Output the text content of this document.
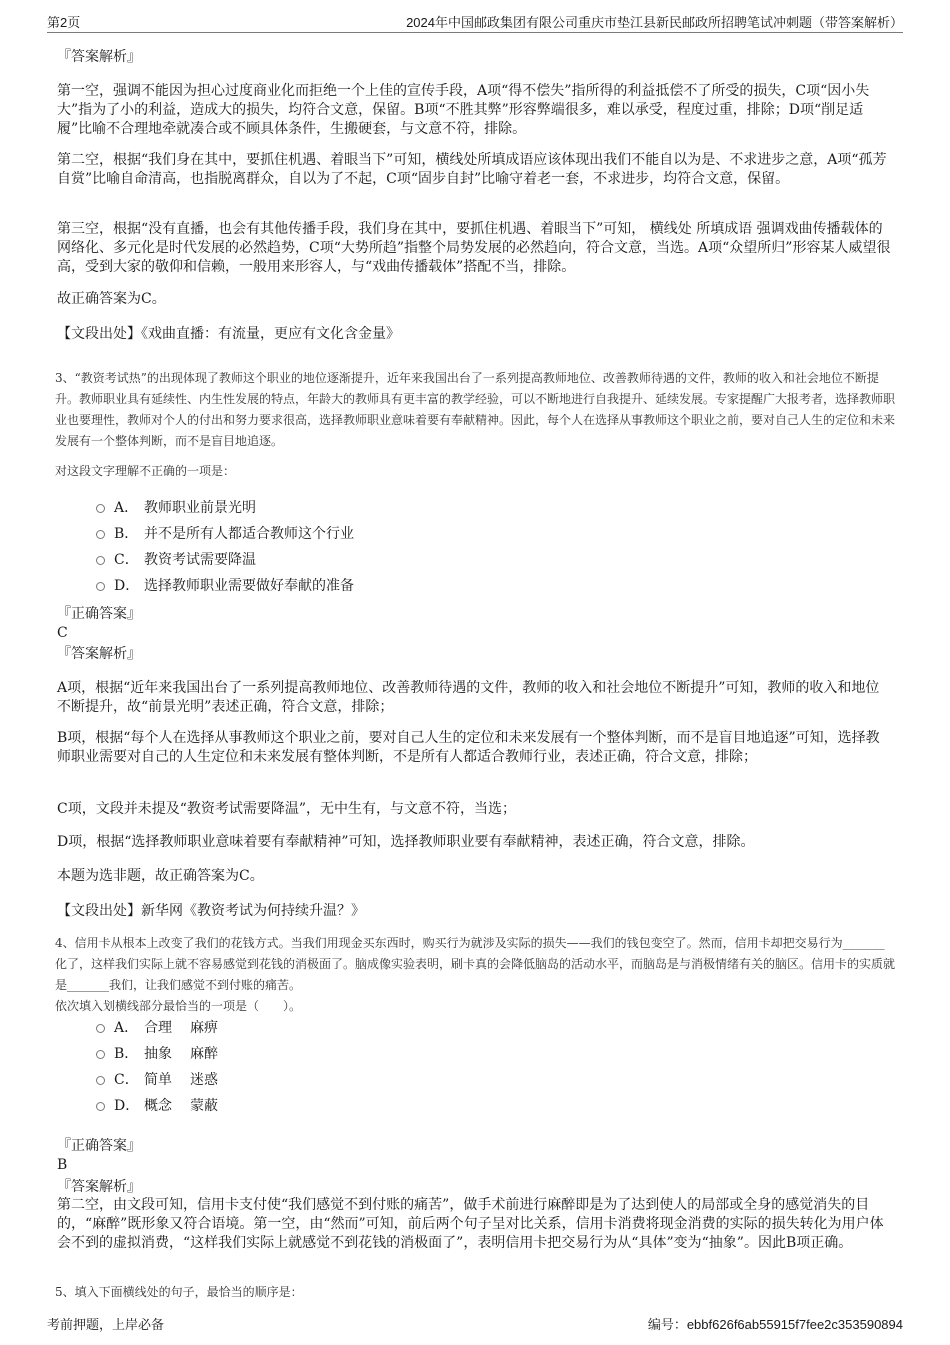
第2页	2024年中国邮政集团有限公司重庆市垫江县新民邮政所招聘笔试冲刺题（带答案解析）
『答案解析』
第一空，强调不能因为担心过度商业化而拒绝一个上佳的宣传手段，A项“得不偿失”指所得的利益抵偿不了所受的损失，C项“因小失大”指为了小的利益，造成大的损失，均符合文意，保留。B项“不胜其弊”形容弊端很多，难以承受，程度过重，排除；D项“削足适履”比喻不合理地牵就凑合或不顾具体条件，生搬硬套，与文意不符，排除。
第二空，根据“我们身在其中，要抓住机遇、着眼当下”可知，横线处所填成语应该体现出我们不能自以为是、不求进步之意，A项“孤芳自赏”比喻自命清高，也指脱离群众，自以为了不起，C项“固步自封”比喻守着老一套，不求进步，均符合文意，保留。
第三空，根据“没有直播，也会有其他传播手段，我们身在其中，要抓住机遇、着眼当下”可知， 横线处 所填成语 强调戏曲传播载体的网络化、多元化是时代发展的必然趋势，C项“大势所趋”指整个局势发展的必然趋向，符合文意，当选。A项“众望所归”形容某人威望很高，受到大家的敬仰和信赖，一般用来形容人，与“戏曲传播载体”搭配不当，排除。
故正确答案为C。
【文段出处】《戏曲直播：有流量，更应有文化含金量》
3、“教资考试热”的出现体现了教师这个职业的地位逐渐提升，近年来我国出台了一系列提高教师地位、改善教师待遇的文件，教师的收入和社会地位不断提升。教师职业具有延续性、内生性发展的特点，年龄大的教师具有更丰富的教学经验，可以不断地进行自我提升、延续发展。专家提醒广大报考者，选择教师职业也要理性，教师对个人的付出和努力要求很高，选择教师职业意味着要有奉献精神。因此，每个人在选择从事教师这个职业之前，要对自己人生的定位和未来发展有一个整体判断，而不是盲目地追逐。
对这段文字理解不正确的一项是：
A． 教师职业前景光明
B． 并不是所有人都适合教师这个行业
C． 教资考试需要降温
D． 选择教师职业需要做好奉献的准备
『正确答案』
C
『答案解析』
A项，根据“近年来我国出台了一系列提高教师地位、改善教师待遇的文件，教师的收入和社会地位不断提升”可知，教师的收入和地位不断提升，故“前景光明”表述正确，符合文意，排除；
B项，根据“每个人在选择从事教师这个职业之前，要对自己人生的定位和未来发展有一个整体判断，而不是盲目地追逐”可知，选择教师职业需要对自己的人生定位和未来发展有整体判断，不是所有人都适合教师行业，表述正确，符合文意，排除；
C项，文段并未提及“教资考试需要降温”，无中生有，与文意不符，当选；
D项，根据“选择教师职业意味着要有奉献精神”可知，选择教师职业要有奉献精神，表述正确，符合文意，排除。
本题为选非题，故正确答案为C。
【文段出处】新华网《教资考试为何持续升温？》
4、信用卡从根本上改变了我们的花钱方式。当我们用现金买东西时，购买行为就涉及实际的损失——我们的钱包变空了。然而，信用卡却把交易行为_______化了，这样我们实际上就不容易感觉到花钱的消极面了。脑成像实验表明，刷卡真的会降低脑岛的活动水平，而脑岛是与消极情绪有关的脑区。信用卡的实质就是_______我们，让我们感觉不到付账的痛苦。
依次填入划横线部分最恰当的一项是（　　）。
A． 合理 麻痹
B． 抽象 麻醉
C． 简单 迷惑
D． 概念 蒙蔽
『正确答案』
B
『答案解析』
第二空，由文段可知，信用卡支付使“我们感觉不到付账的痛苦”，做手术前进行麻醉即是为了达到使人的局部或全身的感觉消失的目的，“麻醉”既形象又符合语境。第一空，由“然而”可知，前后两个句子呈对比关系，信用卡消费将现金消费的实际的损失转化为用户体会不到的虚拟消费，“这样我们实际上就感觉不到花钱的消极面了”，表明信用卡把交易行为从“具体”变为“抽象”。因此B项正确。
5、填入下面横线处的句子，最恰当的顺序是：
考前押题，上岸必备	编号：ebbf626f6ab55915f7fee2c353590894
